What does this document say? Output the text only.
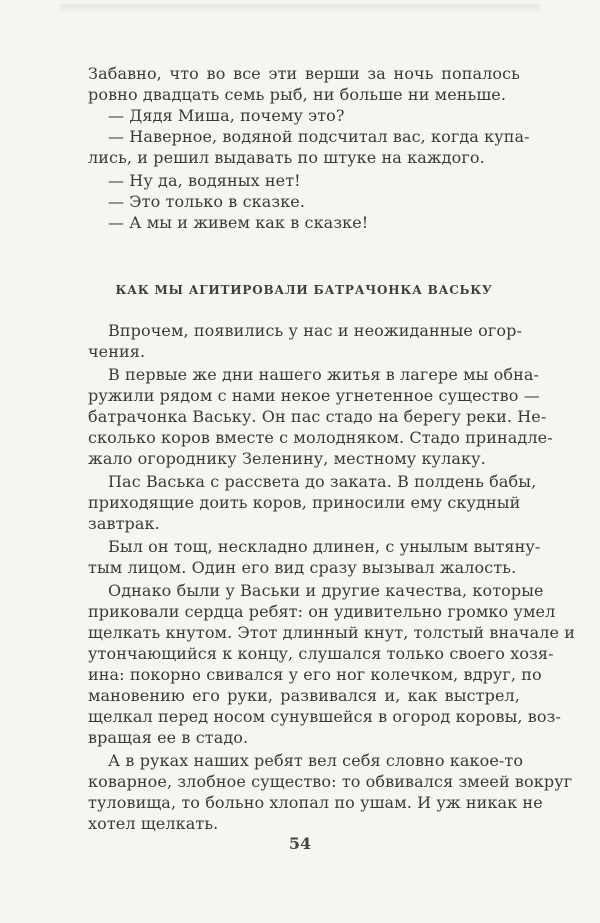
Забавно, что во все эти верши за ночь попалось
ровно двадцать семь рыб, ни больше ни меньше.
— Дядя Миша, почему это?
— Наверное, водяной подсчитал вас, когда купа-
лись, и решил выдавать по штуке на каждого.
— Ну да, водяных нет!
— Это только в сказке.
— А мы и живем как в сказке!
КАК МЫ АГИТИРОВАЛИ БАТРАЧОНКА ВАСЬКУ
Впрочем, появились у нас и неожиданные огор-
чения.
В первые же дни нашего житья в лагере мы обна-
ружили рядом с нами некое угнетенное существо —
батрачонка Ваську. Он пас стадо на берегу реки. Не-
сколько коров вместе с молодняком. Стадо принадле-
жало огороднику Зеленину, местному кулаку.
Пас Васька с рассвета до заката. В полдень бабы,
приходящие доить коров, приносили ему скудный
завтрак.
Был он тощ, нескладно длинен, с унылым вытяну-
тым лицом. Один его вид сразу вызывал жалость.
Однако были у Васьки и другие качества, которые
приковали сердца ребят: он удивительно громко умел
щелкать кнутом. Этот длинный кнут, толстый вначале и
утончающийся к концу, слушался только своего хозя-
ина: покорно свивался у его ног колечком, вдруг, по
мановению его руки, развивался и, как выстрел,
щелкал перед носом сунувшейся в огород коровы, воз-
вращая ее в стадо.
А в руках наших ребят вел себя словно какое-то
коварное, злобное существо: то обвивался змеей вокруг
туловища, то больно хлопал по ушам. И уж никак не
хотел щелкать.
54
